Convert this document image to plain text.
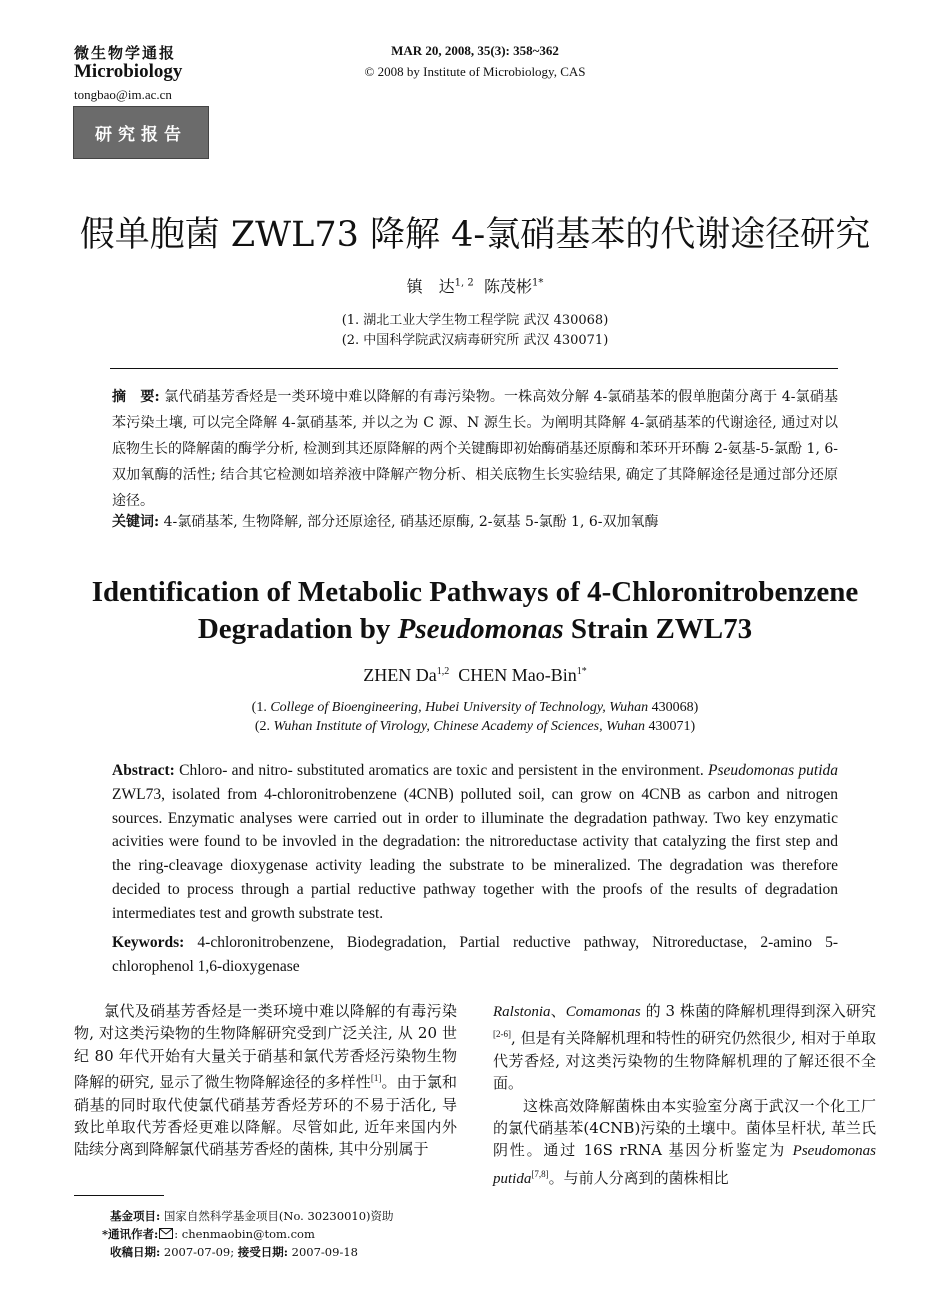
微生物学通报
Microbiology
tongbao@im.ac.cn
研究报告
MAR 20, 2008, 35(3): 358~362
© 2008 by Institute of Microbiology, CAS
假单胞菌 ZWL73 降解 4-氯硝基苯的代谢途径研究
镇　达$^{1, 2}$ 陈茂彬$^{1*}$
(1. 湖北工业大学生物工程学院 武汉 430068)
(2. 中国科学院武汉病毒研究所 武汉 430071)
摘　要: 氯代硝基芳香烃是一类环境中难以降解的有毒污染物。一株高效分解 4-氯硝基苯的假单胞菌分离于 4-氯硝基苯污染土壤, 可以完全降解 4-氯硝基苯, 并以之为 C 源、N 源生长。为阐明其降解 4-氯硝基苯的代谢途径, 通过对以底物生长的降解菌的酶学分析, 检测到其还原降解的两个关键酶即初始酶硝基还原酶和苯环开环酶 2-氨基-5-氯酚 1, 6-双加氧酶的活性; 结合其它检测如培养液中降解产物分析、相关底物生长实验结果, 确定了其降解途径是通过部分还原途径。
关键词: 4-氯硝基苯, 生物降解, 部分还原途径, 硝基还原酶, 2-氨基 5-氯酚 1, 6-双加氧酶
Identification of Metabolic Pathways of 4-Chloronitrobenzene
Degradation by Pseudomonas Strain ZWL73
ZHEN Da$^{1,2}$ CHEN Mao-Bin$^{1*}$
(1. College of Bioengineering, Hubei University of Technology, Wuhan 430068)
(2. Wuhan Institute of Virology, Chinese Academy of Sciences, Wuhan 430071)
Abstract: Chloro- and nitro- substituted aromatics are toxic and persistent in the environment. Pseudomonas putida ZWL73, isolated from 4-chloronitrobenzene (4CNB) polluted soil, can grow on 4CNB as carbon and nitrogen sources. Enzymatic analyses were carried out in order to illuminate the degradation pathway. Two key enzymatic acivities were found to be invovled in the degradation: the nitroreductase activity that catalyzing the first step and the ring-cleavage dioxygenase activity leading the substrate to be mineralized. The degradation was therefore decided to process through a partial reductive pathway together with the proofs of the results of degradation intermediates test and growth substrate test.
Keywords: 4-chloronitrobenzene, Biodegradation, Partial reductive pathway, Nitroreductase, 2-amino 5-chlorophenol 1,6-dioxygenase

氯代及硝基芳香烃是一类环境中难以降解的有毒污染物, 对这类污染物的生物降解研究受到广泛关注, 从 20 世纪 80 年代开始有大量关于硝基和氯代芳香烃污染物生物降解的研究, 显示了微生物降解途径的多样性[1]。由于氯和硝基的同时取代使氯代硝基芳香烃芳环的不易于活化, 导致比单取代芳香烃更难以降解。尽管如此, 近年来国内外陆续分离到降解氯代硝基芳香烃的菌株, 其中分别属于

Ralstonia、Comamonas 的 3 株菌的降解机理得到深入研究[2-6], 但是有关降解机理和特性的研究仍然很少, 相对于单取代芳香烃, 对这类污染物的生物降解机理的了解还很不全面。

这株高效降解菌株由本实验室分离于武汉一个化工厂的氯代硝基苯(4CNB)污染的土壤中。菌体呈杆状, 革兰氏阴性。通过 16S rRNA 基因分析鉴定为 Pseudomonas putida[7,8]。与前人分离到的菌株相比

基金项目: 国家自然科学基金项目(No. 30230010)资助
*通讯作者: : chenmaobin@tom.com
收稿日期: 2007-07-09; 接受日期: 2007-09-18
